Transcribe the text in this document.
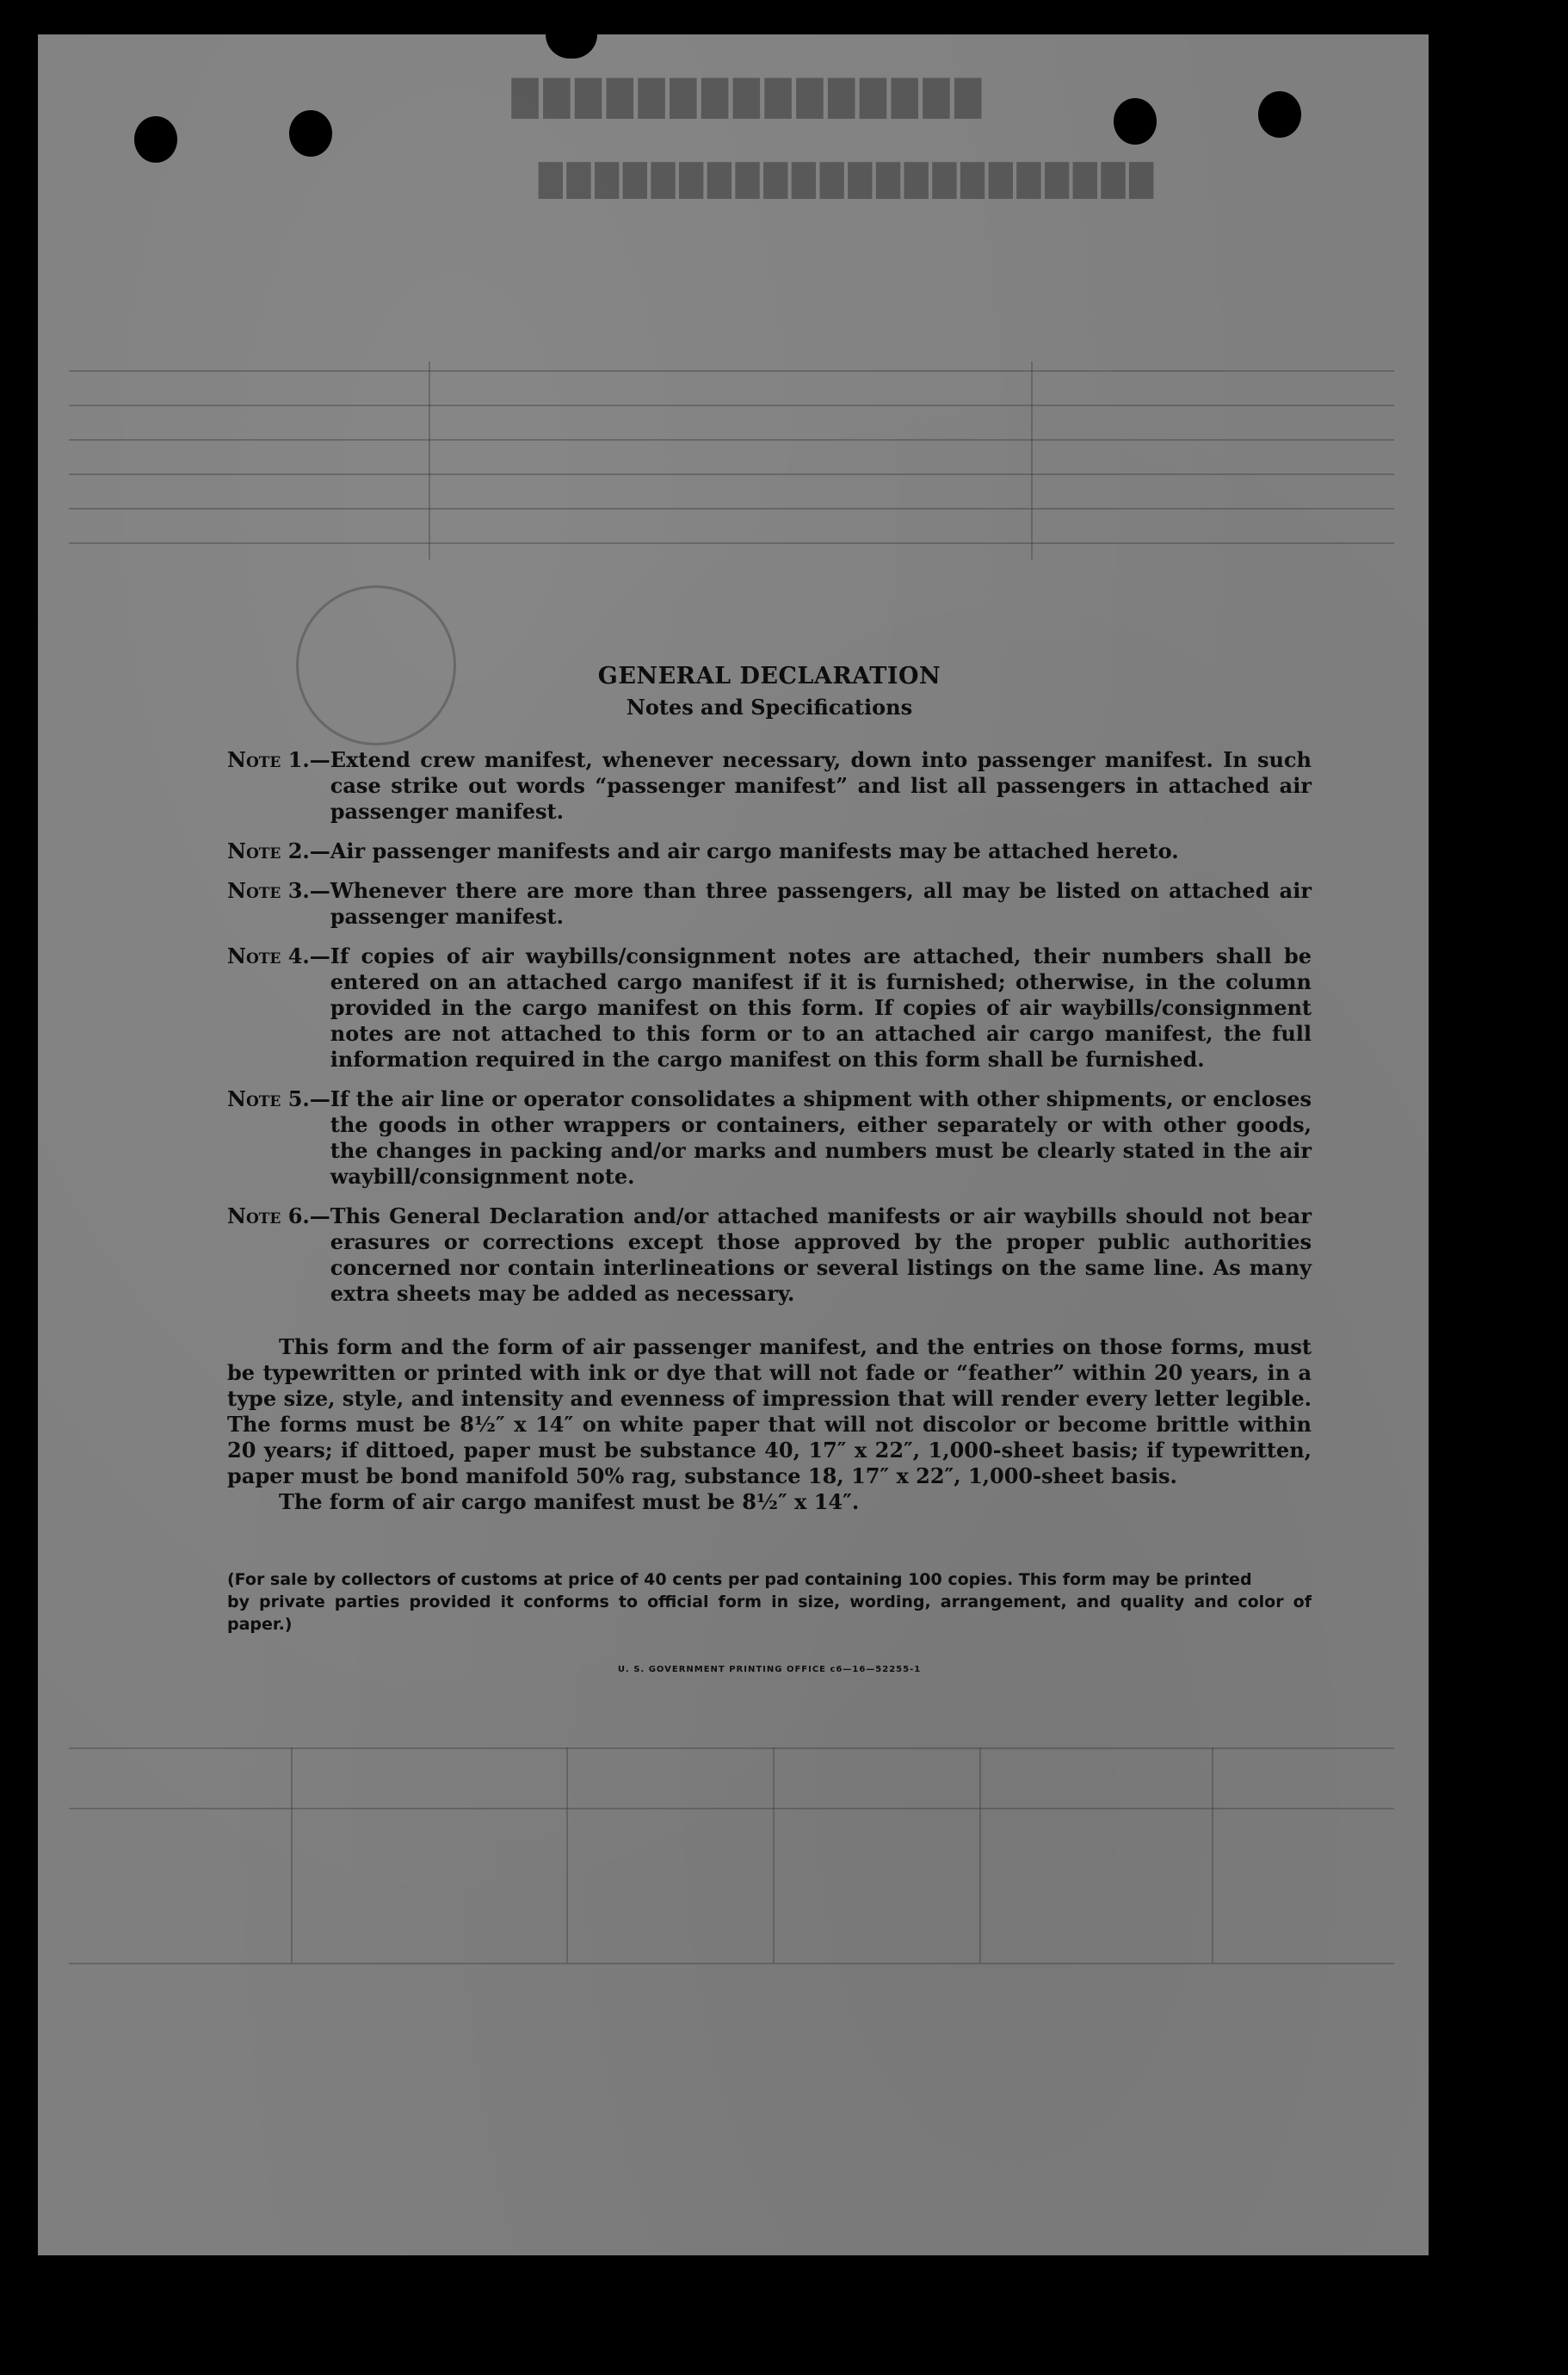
███████████████
██████████████████████
GENERAL DECLARATION
Notes and Specifications
Note 1.— Extend crew manifest, whenever necessary, down into passenger manifest. In such case strike out words “passenger manifest” and list all passengers in attached air passenger manifest.
Note 2.— Air passenger manifests and air cargo manifests may be attached hereto.
Note 3.— Whenever there are more than three passengers, all may be listed on attached air passenger manifest.
Note 4.— If copies of air waybills/consignment notes are attached, their numbers shall be entered on an attached cargo manifest if it is furnished; otherwise, in the column provided in the cargo manifest on this form. If copies of air waybills/consignment notes are not attached to this form or to an attached air cargo manifest, the full information required in the cargo manifest on this form shall be furnished.
Note 5.— If the air line or operator consolidates a shipment with other shipments, or encloses the goods in other wrappers or containers, either separately or with other goods, the changes in packing and/or marks and numbers must be clearly stated in the air waybill/consignment note.
Note 6.— This General Declaration and/or attached manifests or air waybills should not bear erasures or corrections except those approved by the proper public authorities concerned nor contain interlineations or several listings on the same line. As many extra sheets may be added as necessary.

This form and the form of air passenger manifest, and the entries on those forms, must be typewritten or printed with ink or dye that will not fade or “feather” within 20 years, in a type size, style, and intensity and evenness of impression that will render every letter legible. The forms must be 8½″ x 14″ on white paper that will not discolor or become brittle within 20 years; if dittoed, paper must be substance 40, 17″ x 22″, 1,000-sheet basis; if typewritten, paper must be bond manifold 50% rag, substance 18, 17″ x 22″, 1,000-sheet basis.

The form of air cargo manifest must be 8½″ x 14″.

(For sale by collectors of customs at price of 40 cents per pad containing 100 copies. This form may be printed
by private parties provided it conforms to official form in size, wording, arrangement, and quality and color of paper.)

U. S. GOVERNMENT PRINTING OFFICE c6—16—52255-1
